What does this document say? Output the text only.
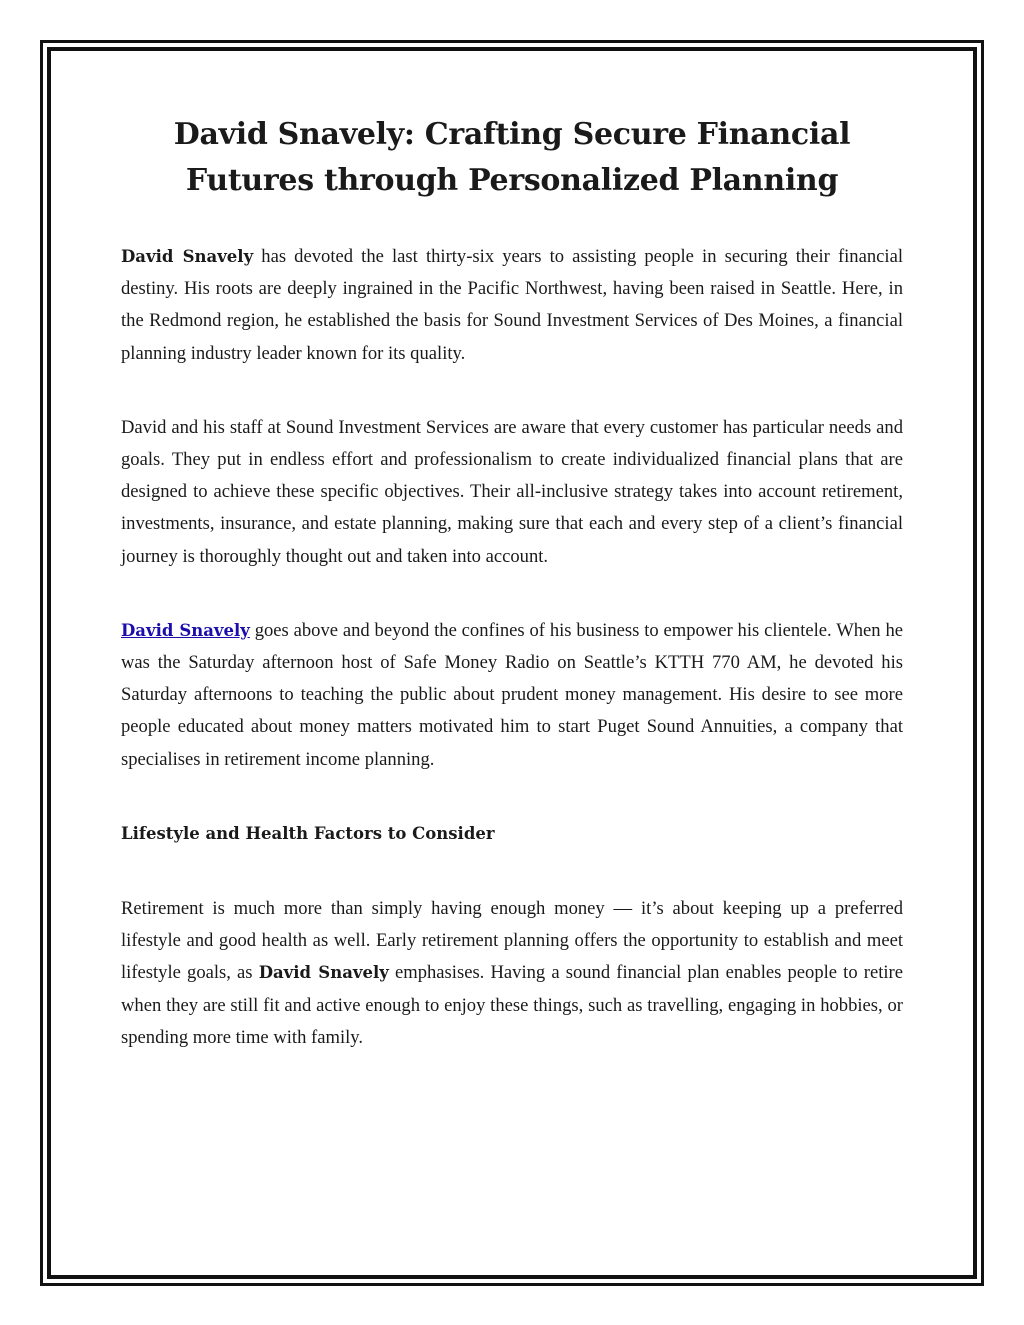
David Snavely: Crafting Secure Financial Futures through Personalized Planning

David Snavely has devoted the last thirty-six years to assisting people in securing their financial destiny. His roots are deeply ingrained in the Pacific Northwest, having been raised in Seattle. Here, in the Redmond region, he established the basis for Sound Investment Services of Des Moines, a financial planning industry leader known for its quality.

David and his staff at Sound Investment Services are aware that every customer has particular needs and goals. They put in endless effort and professionalism to create individualized financial plans that are designed to achieve these specific objectives. Their all-inclusive strategy takes into account retirement, investments, insurance, and estate planning, making sure that each and every step of a client’s financial journey is thoroughly thought out and taken into account.

David Snavely goes above and beyond the confines of his business to empower his clientele. When he was the Saturday afternoon host of Safe Money Radio on Seattle’s KTTH 770 AM, he devoted his Saturday afternoons to teaching the public about prudent money management. His desire to see more people educated about money matters motivated him to start Puget Sound Annuities, a company that specialises in retirement income planning.

Lifestyle and Health Factors to Consider

Retirement is much more than simply having enough money — it’s about keeping up a preferred lifestyle and good health as well. Early retirement planning offers the opportunity to establish and meet lifestyle goals, as David Snavely emphasises. Having a sound financial plan enables people to retire when they are still fit and active enough to enjoy these things, such as travelling, engaging in hobbies, or spending more time with family.
